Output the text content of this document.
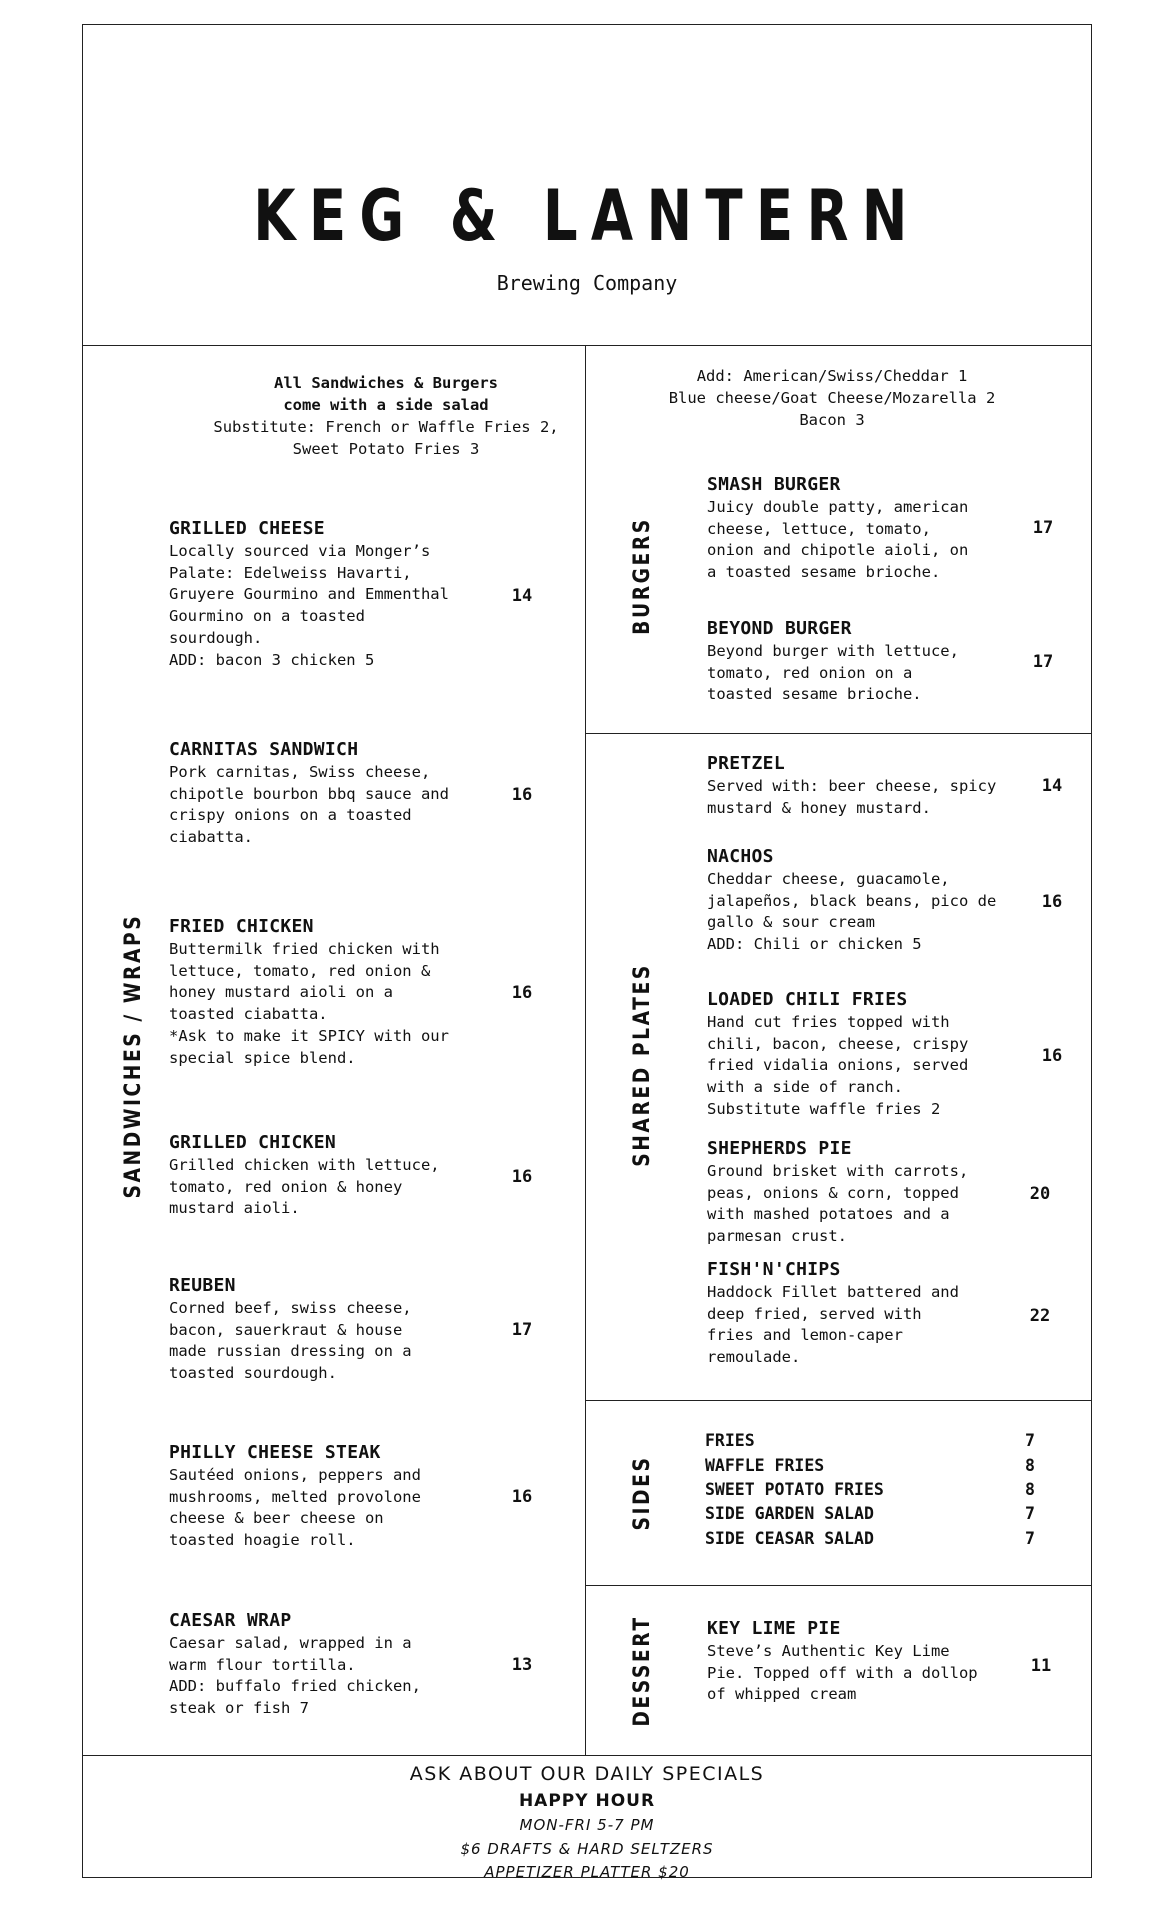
KEG & LANTERN
Brewing Company
All Sandwiches & Burgers
come with a side salad
Substitute: French or Waffle Fries 2,
Sweet Potato Fries 3
SANDWICHES / WRAPS
GRILLED CHEESE
Locally sourced via Monger’s
Palate: Edelweiss Havarti,
Gruyere Gourmino and Emmenthal
Gourmino on a toasted
sourdough.
ADD: bacon 3 chicken 5
14
CARNITAS SANDWICH
Pork carnitas, Swiss cheese,
chipotle bourbon bbq sauce and
crispy onions on a toasted
ciabatta.
16
FRIED CHICKEN
Buttermilk fried chicken with
lettuce, tomato, red onion &
honey mustard aioli on a
toasted ciabatta.
*Ask to make it SPICY with our
special spice blend.
16
GRILLED CHICKEN
Grilled chicken with lettuce,
tomato, red onion & honey
mustard aioli.
16
REUBEN
Corned beef, swiss cheese,
bacon, sauerkraut & house
made russian dressing on a
toasted sourdough.
17
PHILLY CHEESE STEAK
Sautéed onions, peppers and
mushrooms, melted provolone
cheese & beer cheese on
toasted hoagie roll.
16
CAESAR WRAP
Caesar salad, wrapped in a
warm flour tortilla.
ADD: buffalo fried chicken,
steak or fish 7
13
Add: American/Swiss/Cheddar 1
Blue cheese/Goat Cheese/Mozarella 2
Bacon 3
BURGERS
SMASH BURGER
Juicy double patty, american
cheese, lettuce, tomato,
onion and chipotle aioli, on
a toasted sesame brioche.
17
BEYOND BURGER
Beyond burger with lettuce,
tomato, red onion on a
toasted sesame brioche.
17
SHARED PLATES
PRETZEL
Served with: beer cheese, spicy
mustard & honey mustard.
14
NACHOS
Cheddar cheese, guacamole,
jalapeños, black beans, pico de
gallo & sour cream
ADD: Chili or chicken 5
16
LOADED CHILI FRIES
Hand cut fries topped with
chili, bacon, cheese, crispy
fried vidalia onions, served
with a side of ranch.
Substitute waffle fries 2
16
SHEPHERDS PIE
Ground brisket with carrots,
peas, onions & corn, topped
with mashed potatoes and a
parmesan crust.
20
FISH'N'CHIPS
Haddock Fillet battered and
deep fried, served with
fries and lemon-caper
remoulade.
22
SIDES
FRIES	7
WAFFLE FRIES	8
SWEET POTATO FRIES	8
SIDE GARDEN SALAD	7
SIDE CEASAR SALAD	7
DESSERT	KEY LIME PIE
Steve’s Authentic Key Lime
Pie. Topped off with a dollop
of whipped cream
11
ASK ABOUT OUR DAILY SPECIALS
HAPPY HOUR
MON-FRI 5-7 PM
$6 DRAFTS & HARD SELTZERS
APPETIZER PLATTER $20
